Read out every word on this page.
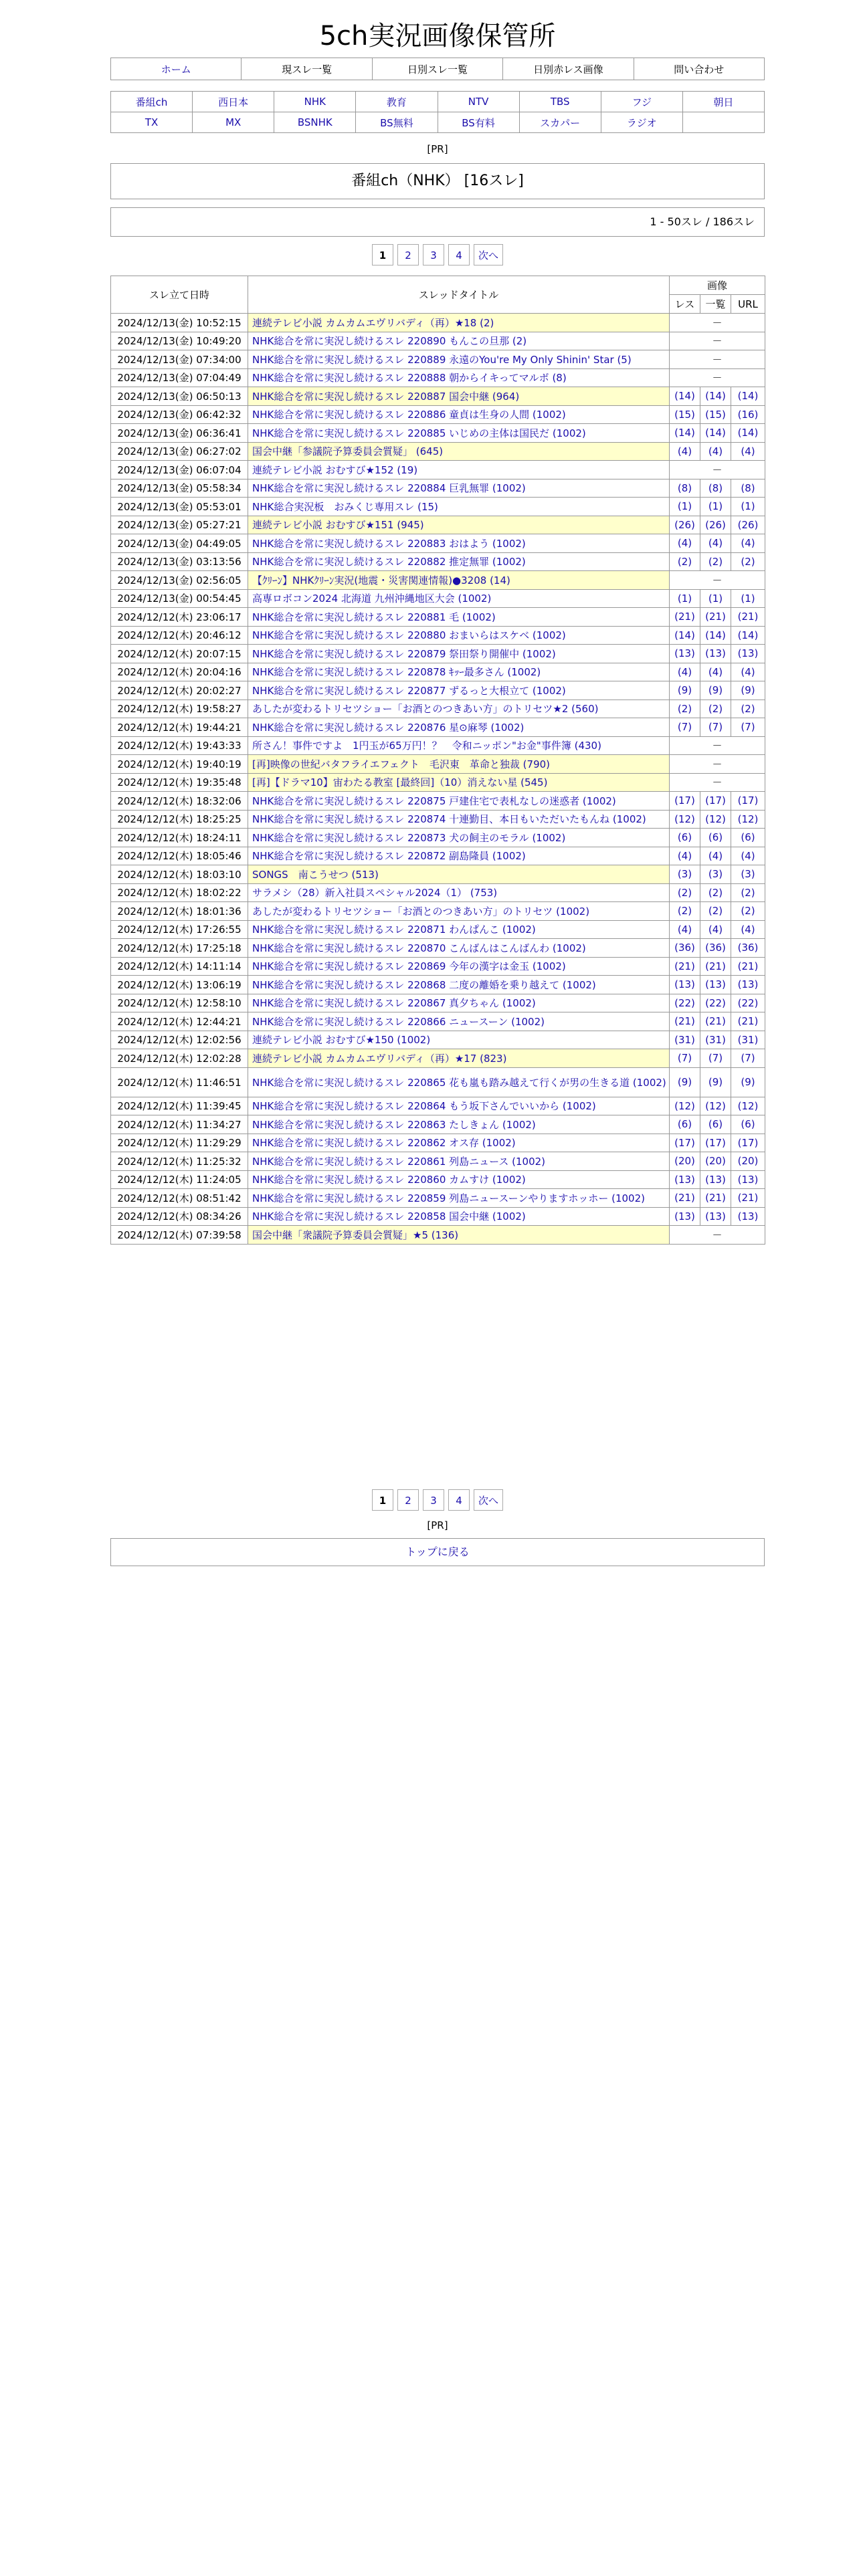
5ch実況画像保管所
ホーム	現スレ一覧	日別スレ一覧	日別赤レス画像	問い合わせ
番組ch	西日本	NHK	教育	NTV	TBS	フジ	朝日
TX	MX	BSNHK	BS無料	BS有料	スカパー	ラジオ	
[PR]
番組ch（NHK） [16スレ]
1 - 50スレ / 186スレ
1 2 3 4 次へ
スレ立て日時	スレッドタイトル	画像		
		レス	一覧	URL
2024/12/13(金) 10:52:15	連続テレビ小説 カムカムエヴリバディ（再）★18 (2)	－		
2024/12/13(金) 10:49:20	NHK総合を常に実況し続けるスレ 220890 もんこの旦那 (2)	－		
2024/12/13(金) 07:34:00	NHK総合を常に実況し続けるスレ 220889 永遠のYou're My Only Shinin' Star (5)	－		
2024/12/13(金) 07:04:49	NHK総合を常に実況し続けるスレ 220888 朝からイキってマルボ (8)	－		
2024/12/13(金) 06:50:13	NHK総合を常に実況し続けるスレ 220887 国会中継 (964)	(14)	(14)	(14)
2024/12/13(金) 06:42:32	NHK総合を常に実況し続けるスレ 220886 童貞は生身の人間 (1002)	(15)	(15)	(16)
2024/12/13(金) 06:36:41	NHK総合を常に実況し続けるスレ 220885 いじめの主体は国民だ (1002)	(14)	(14)	(14)
2024/12/13(金) 06:27:02	国会中継「参議院予算委員会質疑」 (645)	(4)	(4)	(4)
2024/12/13(金) 06:07:04	連続テレビ小説 おむすび★152 (19)	－		
2024/12/13(金) 05:58:34	NHK総合を常に実況し続けるスレ 220884 巨乳無罪 (1002)	(8)	(8)	(8)
2024/12/13(金) 05:53:01	NHK総合実況板　おみくじ専用スレ (15)	(1)	(1)	(1)
2024/12/13(金) 05:27:21	連続テレビ小説 おむすび★151 (945)	(26)	(26)	(26)
2024/12/13(金) 04:49:05	NHK総合を常に実況し続けるスレ 220883 おはよう (1002)	(4)	(4)	(4)
2024/12/13(金) 03:13:56	NHK総合を常に実況し続けるスレ 220882 推定無罪 (1002)	(2)	(2)	(2)
2024/12/13(金) 02:56:05	【ｸﾘｰﾝ】NHKｸﾘｰﾝ実況(地震・災害関連情報)●3208 (14)	－		
2024/12/13(金) 00:54:45	高専ロボコン2024 北海道 九州沖縄地区大会 (1002)	(1)	(1)	(1)
2024/12/12(木) 23:06:17	NHK総合を常に実況し続けるスレ 220881 毛 (1002)	(21)	(21)	(21)
2024/12/12(木) 20:46:12	NHK総合を常に実況し続けるスレ 220880 おまいらはスケベ (1002)	(14)	(14)	(14)
2024/12/12(木) 20:07:15	NHK総合を常に実況し続けるスレ 220879 祭田祭り開催中 (1002)	(13)	(13)	(13)
2024/12/12(木) 20:04:16	NHK総合を常に実況し続けるスレ 220878 ｷｯｰ最多さん (1002)	(4)	(4)	(4)
2024/12/12(木) 20:02:27	NHK総合を常に実況し続けるスレ 220877 ずるっと大根立て (1002)	(9)	(9)	(9)
2024/12/12(木) 19:58:27	あしたが変わるトリセツショー「お酒とのつきあい方」のトリセツ★2 (560)	(2)	(2)	(2)
2024/12/12(木) 19:44:21	NHK総合を常に実況し続けるスレ 220876 星⊙麻琴 (1002)	(7)	(7)	(7)
2024/12/12(木) 19:43:33	所さん！事件ですよ　1円玉が65万円！？　令和ニッポン"お金"事件簿 (430)	－		
2024/12/12(木) 19:40:19	[再]映像の世紀バタフライエフェクト　毛沢東　革命と独裁 (790)	－		
2024/12/12(木) 19:35:48	[再]【ドラマ10】宙わたる教室 [最終回]（10）消えない星 (545)	－		
2024/12/12(木) 18:32:06	NHK総合を常に実況し続けるスレ 220875 戸建住宅で表札なしの迷惑者 (1002)	(17)	(17)	(17)
2024/12/12(木) 18:25:25	NHK総合を常に実況し続けるスレ 220874 十連勤目、本日もいただいたもんね (1002)	(12)	(12)	(12)
2024/12/12(木) 18:24:11	NHK総合を常に実況し続けるスレ 220873 犬の飼主のモラル (1002)	(6)	(6)	(6)
2024/12/12(木) 18:05:46	NHK総合を常に実況し続けるスレ 220872 副島隆員 (1002)	(4)	(4)	(4)
2024/12/12(木) 18:03:10	SONGS　南こうせつ (513)	(3)	(3)	(3)
2024/12/12(木) 18:02:22	サラメシ（28）新入社員スペシャル2024（1） (753)	(2)	(2)	(2)
2024/12/12(木) 18:01:36	あしたが変わるトリセツショー「お酒とのつきあい方」のトリセツ (1002)	(2)	(2)	(2)
2024/12/12(木) 17:26:55	NHK総合を常に実況し続けるスレ 220871 わんぱんこ (1002)	(4)	(4)	(4)
2024/12/12(木) 17:25:18	NHK総合を常に実況し続けるスレ 220870 こんばんはこんばんわ (1002)	(36)	(36)	(36)
2024/12/12(木) 14:11:14	NHK総合を常に実況し続けるスレ 220869 今年の漢字は金玉 (1002)	(21)	(21)	(21)
2024/12/12(木) 13:06:19	NHK総合を常に実況し続けるスレ 220868 二度の離婚を乗り越えて (1002)	(13)	(13)	(13)
2024/12/12(木) 12:58:10	NHK総合を常に実況し続けるスレ 220867 真夕ちゃん (1002)	(22)	(22)	(22)
2024/12/12(木) 12:44:21	NHK総合を常に実況し続けるスレ 220866 ニュースーン (1002)	(21)	(21)	(21)
2024/12/12(木) 12:02:56	連続テレビ小説 おむすび★150 (1002)	(31)	(31)	(31)
2024/12/12(木) 12:02:28	連続テレビ小説 カムカムエヴリバディ（再）★17 (823)	(7)	(7)	(7)
2024/12/12(木) 11:46:51	NHK総合を常に実況し続けるスレ 220865 花も嵐も踏み越えて行くが男の生きる道 (1002)	(9)	(9)	(9)
2024/12/12(木) 11:39:45	NHK総合を常に実況し続けるスレ 220864 もう坂下さんでいいから (1002)	(12)	(12)	(12)
2024/12/12(木) 11:34:27	NHK総合を常に実況し続けるスレ 220863 たしきょん (1002)	(6)	(6)	(6)
2024/12/12(木) 11:29:29	NHK総合を常に実況し続けるスレ 220862 オス存 (1002)	(17)	(17)	(17)
2024/12/12(木) 11:25:32	NHK総合を常に実況し続けるスレ 220861 列島ニュース (1002)	(20)	(20)	(20)
2024/12/12(木) 11:24:05	NHK総合を常に実況し続けるスレ 220860 カムすけ (1002)	(13)	(13)	(13)
2024/12/12(木) 08:51:42	NHK総合を常に実況し続けるスレ 220859 列島ニュースーンやりますホッホー (1002)	(21)	(21)	(21)
2024/12/12(木) 08:34:26	NHK総合を常に実況し続けるスレ 220858 国会中継 (1002)	(13)	(13)	(13)
2024/12/12(木) 07:39:58	国会中継「衆議院予算委員会質疑」★5 (136)	－		
1 2 3 4 次へ
[PR]
トップに戻る
